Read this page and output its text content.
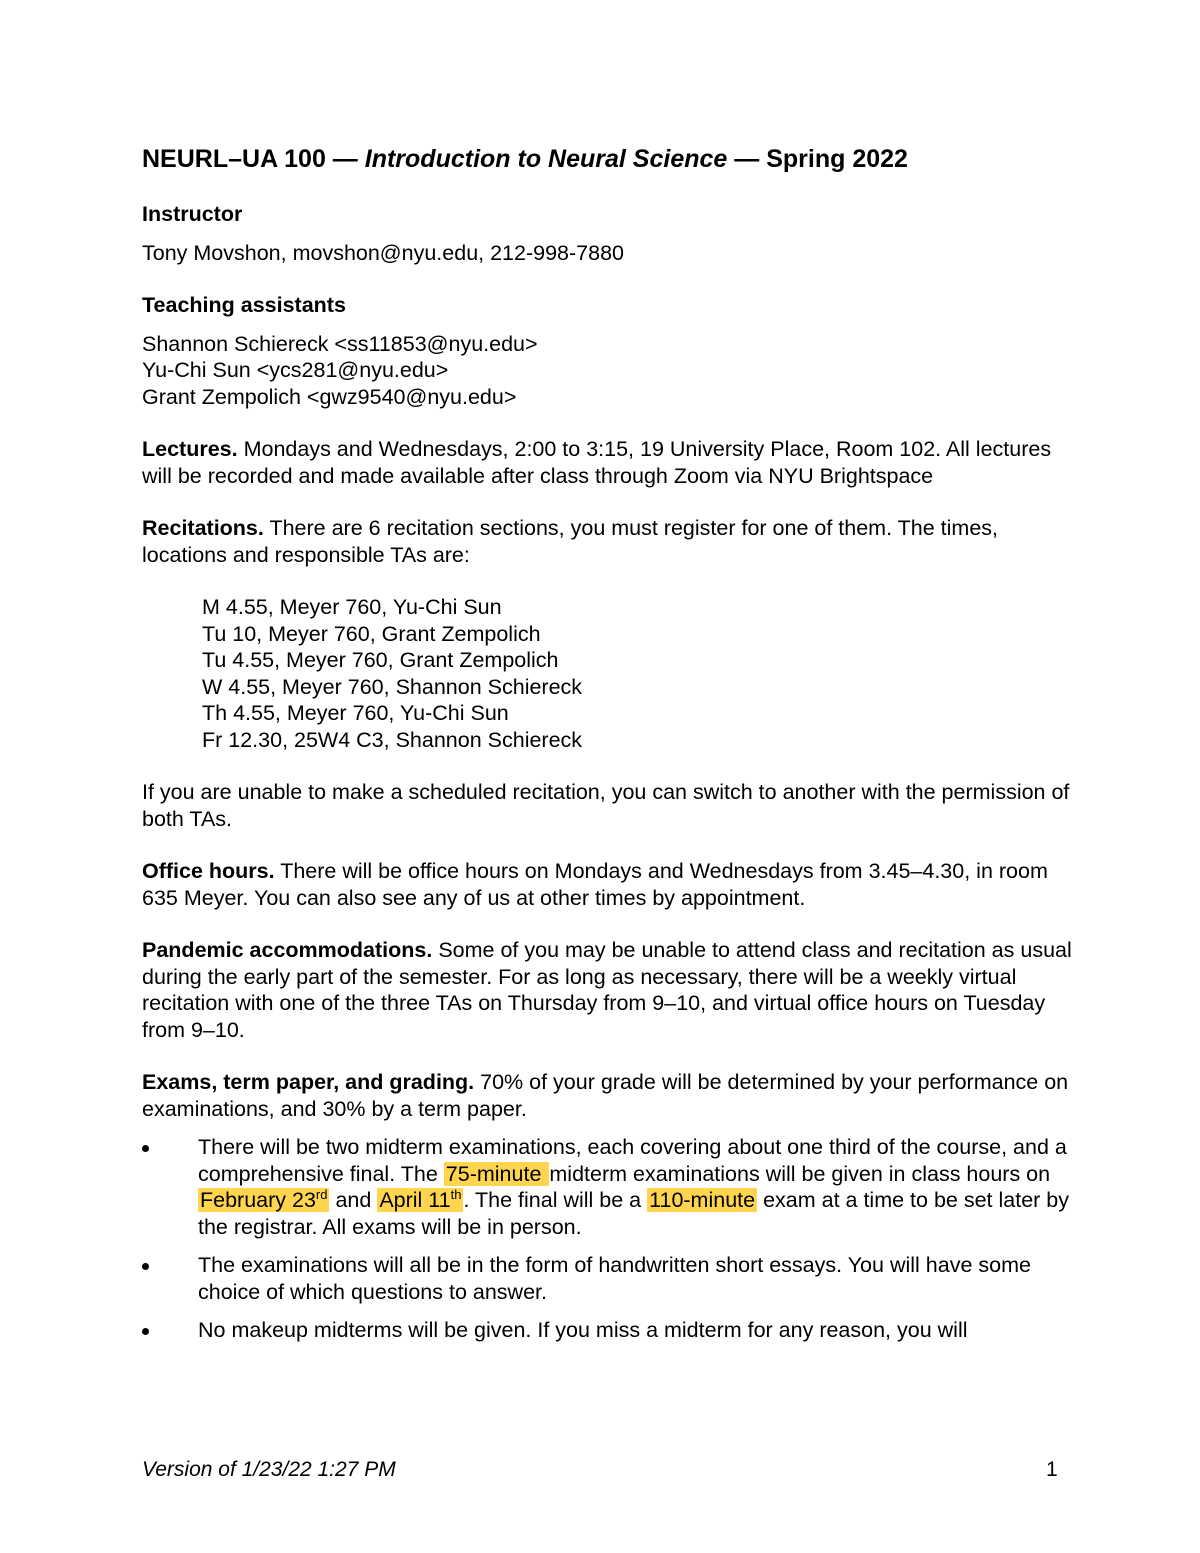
NEURL–UA 100 — Introduction to Neural Science — Spring 2022
Instructor
Tony Movshon, movshon@nyu.edu, 212-998-7880
Teaching assistants
Shannon Schiereck <ss11853@nyu.edu>
Yu-Chi Sun <ycs281@nyu.edu>
Grant Zempolich <gwz9540@nyu.edu>
Lectures. Mondays and Wednesdays, 2:00 to 3:15, 19 University Place, Room 102. All lectures will be recorded and made available after class through Zoom via NYU Brightspace
Recitations. There are 6 recitation sections, you must register for one of them. The times, locations and responsible TAs are:
M 4.55, Meyer 760, Yu-Chi Sun
Tu 10, Meyer 760, Grant Zempolich
Tu 4.55, Meyer 760, Grant Zempolich
W 4.55, Meyer 760, Shannon Schiereck
Th 4.55, Meyer 760, Yu-Chi Sun
Fr 12.30, 25W4 C3, Shannon Schiereck
If you are unable to make a scheduled recitation, you can switch to another with the permission of both TAs.
Office hours. There will be office hours on Mondays and Wednesdays from 3.45–4.30, in room 635 Meyer. You can also see any of us at other times by appointment.
Pandemic accommodations. Some of you may be unable to attend class and recitation as usual during the early part of the semester. For as long as necessary, there will be a weekly virtual recitation with one of the three TAs on Thursday from 9–10, and virtual office hours on Tuesday from 9–10.
Exams, term paper, and grading. 70% of your grade will be determined by your performance on examinations, and 30% by a term paper.
There will be two midterm examinations, each covering about one third of the course, and a comprehensive final. The 75-minute midterm examinations will be given in class hours on February 23rd and April 11th. The final will be a 110-minute exam at a time to be set later by the registrar. All exams will be in person.
The examinations will all be in the form of handwritten short essays. You will have some choice of which questions to answer.
No makeup midterms will be given. If you miss a midterm for any reason, you will
Version of 1/23/22 1:27 PM	1
